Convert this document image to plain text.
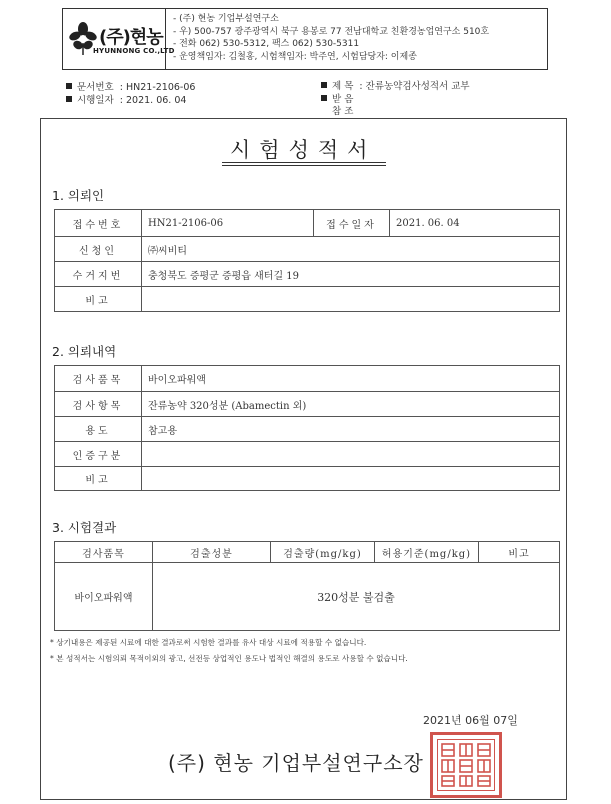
(주)현농
HYUNNONG CO.,LTD
- (주) 현농 기업부설연구소
- 우) 500-757 광주광역시 북구 용봉로 77 전남대학교 친환경농업연구소 510호
- 전화 062) 530-5312, 팩스 062) 530-5311
- 운영책임자: 김철홍, 시험책임자: 박주연, 시험담당자: 이제종
문서번호 : HN21-2106-06
시행일자 : 2021. 06. 04
제 목 : 잔류농약검사성적서 교부
받 음
참 조
시험성적서
1. 의뢰인
접수번호	HN21-2106-06	접수일자	2021. 06. 04
신청인	㈜씨비티		
수거지번	충청북도 증평군 증평읍 새터길 19		
비고			
2. 의뢰내역
검사품목	바이오파워액
검사항목	잔류농약 320성분 (Abamectin 외)
용도	참고용
인증구분	
비고	
3. 시험결과
검사품목	검출성분	검출량(mg/kg)	허용기준(mg/kg)	비고
바이오파워액	320성분 불검출			
* 상기내용은 제공된 시료에 대한 결과로써 시험한 결과를 유사 대상 시료에 적용할 수 없습니다.
* 본 성적서는 시험의뢰 목적이외의 광고, 선전등 상업적인 용도나 법적인 해결의 용도로 사용할 수 없습니다.
2021년 06월 07일
(주) 현농 기업부설연구소장
